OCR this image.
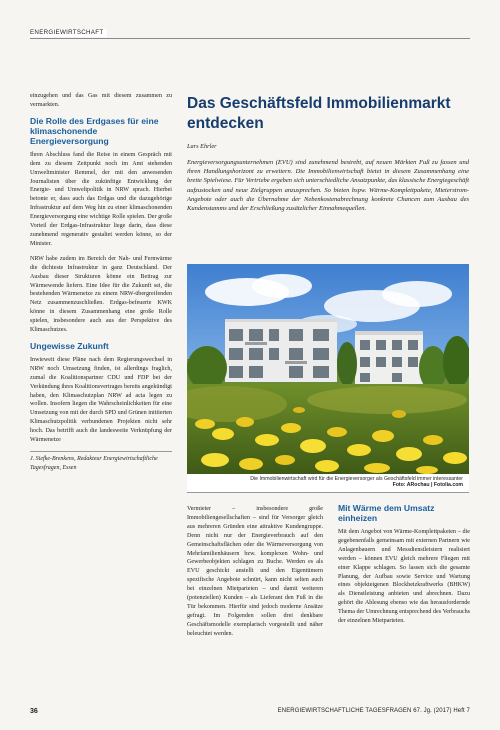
ENERGIEWIRTSCHAFT

einzugehen und das Gas mit diesem zusammen zu vermarkten.

Die Rolle des Erdgases für eine klimaschonende Energieversorgung

Ihren Abschluss fand die Reise in einem Gespräch mit dem zu diesem Zeitpunkt noch im Amt stehenden Umweltminister Remmel, der mit den anwesenden Journalisten über die zukünftige Entwicklung der Energie- und Umweltpolitik in NRW sprach. Hierbei betonte er, dass auch das Erdgas und die dazugehörige Infrastruktur auf dem Weg hin zu einer klimaschonenden Energieversorgung eine wichtige Rolle spielen. Der große Vorteil der Erdgas-Infrastruktur liege darin, dass diese zunehmend regenerativ gestaltet werden könne, so der Minister.

NRW habe zudem im Bereich der Nah- und Fernwärme die dichteste Infrastruktur in ganz Deutschland. Der Ausbau dieser Strukturen könne ein Beitrag zur Wärmewende liefern. Eine Idee für die Zukunft sei, die bestehenden Wärmenetze zu einem NRW-übergreifenden Netz zusammenzuschließen. Erdgas-befeuerte KWK könne in diesem Zusammenhang eine große Rolle spielen, insbesondere auch aus der Perspektive des Klimaschutzes.

Ungewisse Zukunft

Inwieweit diese Pläne nach dem Regierungswechsel in NRW noch Umsetzung finden, ist allerdings fraglich, zumal die Koalitionspartner CDU und FDP bei der Verkündung ihres Koalitionsvertrages bereits angekündigt haben, den Klimaschutzplan NRW ad acta legen zu wollen. Insofern liegen die Wahrscheinlichkeiten für eine Umsetzung von mit der durch SPD und Grünen initiierten Klimaschutzpolitik verbundenen Projekten nicht sehr hoch. Das betrifft auch die landesweite Verknüpfung der Wärmenetze

J. Siefke-Brenkens, Redakteur Energiewirtschaftliche Tagesfragen, Essen
Das Geschäftsfeld Immobilienmarkt entdecken
Lars Ehrler

Energieversorgungsunternehmen (EVU) sind zunehmend bestrebt, auf neuen Märkten Fuß zu fassen und ihren Handlungshorizont zu erweitern. Die Immobilienwirtschaft bietet in diesem Zusammenhang eine breite Spielwiese. Für Vertriebe ergeben sich unterschiedliche Ansatzpunkte, das klassische Energiegeschäft aufzustocken und neue Zielgruppen anzusprechen. So bieten bspw. Wärme-Komplettpakete, Mieterstrom-Angebote oder auch die Übernahme der Nebenkostenabrechnung konkrete Chancen zum Ausbau des Kundenstamms und der Erschließung zusätzlicher Einnahmequellen.

Die Immobilienwirtschaft wird für die Energieversorger als Geschäftsfeld immer interessanter
Foto: ARochau | Fotolia.com

Vermieter – insbesondere große Immobiliengesellschaften – sind für Versorger gleich aus mehreren Gründen eine attraktive Kundengruppe. Denn nicht nur der Energieverbrauch auf den Gemeinschaftsflächen oder die Wärmeversorgung von Mehrfamilienhäusern bzw. komplexen Wohn- und Gewerbeobjekten schlagen zu Buche. Werden es als EVU geschickt anstellt und den Eigentümern spezifische Angebote schnürt, kann nicht selten auch bei einzelnen Mietparteien – und damit weiteren (potenziellen) Kunden – als Lieferant den Fuß in die Tür bekommen. Hierfür sind jedoch moderne Ansätze gefragt. Im Folgenden sollen drei denkbare Geschäftsmodelle exemplarisch vorgestellt und näher beleuchtet werden.

Mit Wärme dem Umsatz einheizen

Mit dem Angebot von Wärme-Komplettpaketen – die gegebenenfalls gemeinsam mit externen Partnern wie Anlagenbauern und Messdienstleistern realisiert werden – können EVU gleich mehrere Fliegen mit einer Klappe schlagen. So lassen sich die gesamte Planung, der Aufbau sowie Service und Wartung eines objekteigenen Blockheizkraftwerks (BHKW) als Dienstleistung anbieten und abrechnen. Dazu gehört die Ablesung ebenso wie das herausfordernde Thema der Umrechnung entsprechend des Verbrauchs der einzelnen Mietparteien.

36	ENERGIEWIRTSCHAFTLICHE TAGESFRAGEN 67. Jg. (2017) Heft 7
